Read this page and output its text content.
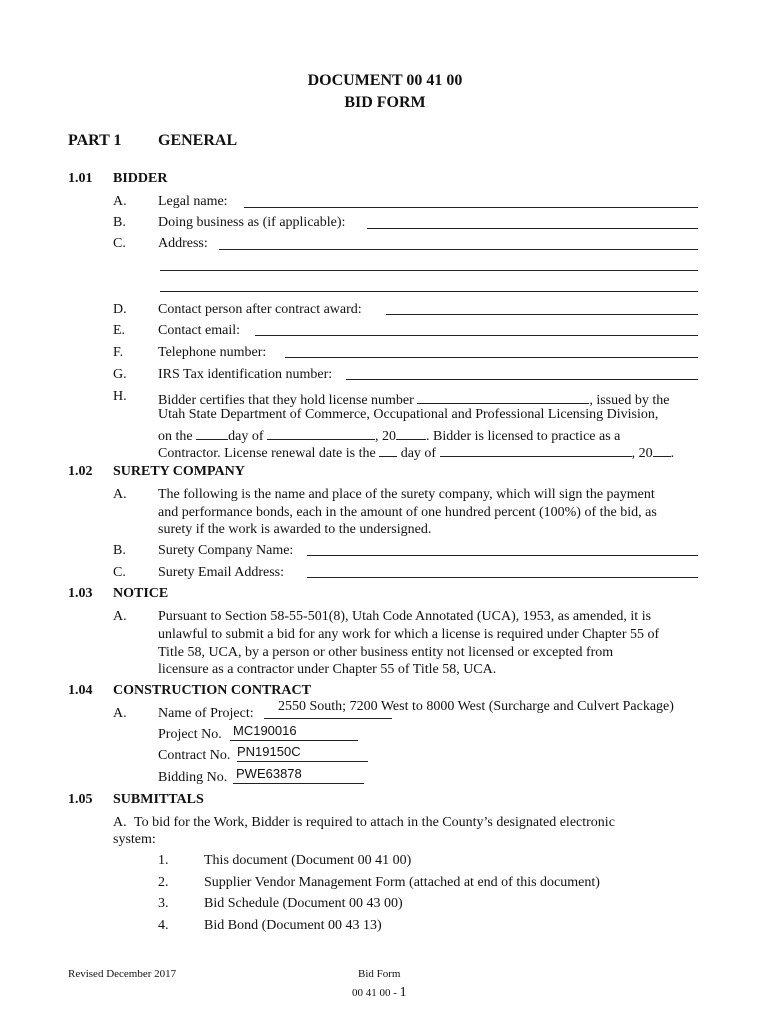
DOCUMENT 00 41 00
BID FORM
PART 1 GENERAL
1.01 BIDDER
A. Legal name:
B. Doing business as (if applicable):
C. Address:
D. Contact person after contract award:
E. Contact email:
F. Telephone number:
G. IRS Tax identification number:
H. Bidder certifies that they hold license number	, issued by the
Utah State Department of Commerce, Occupational and Professional Licensing Division,
on the	day of	, 20 . Bidder is licensed to practice as a
Contractor. License renewal date is the day of	, 20 .
1.02 SURETY COMPANY
A. The following is the name and place of the surety company, which will sign the payment
and performance bonds, each in the amount of one hundred percent (100%) of the bid, as
surety if the work is awarded to the undersigned.
B. Surety Company Name:
C. Surety Email Address:
1.03 NOTICE
A. Pursuant to Section 58-55-501(8), Utah Code Annotated (UCA), 1953, as amended, it is
unlawful to submit a bid for any work for which a license is required under Chapter 55 of
Title 58, UCA, by a person or other business entity not licensed or excepted from
licensure as a contractor under Chapter 55 of Title 58, UCA.
1.04 CONSTRUCTION CONTRACT
A. Name of Project: 2550 South; 7200 West to 8000 West (Surcharge and Culvert Package)
Project No. MC190016
Contract No. PN19150C
Bidding No. PWE63878
1.05 SUBMITTALS
A. To bid for the Work, Bidder is required to attach in the County’s designated electronic
system:
1.	This document (Document 00 41 00)
2.	Supplier Vendor Management Form (attached at end of this document)
3.	Bid Schedule (Document 00 43 00)
4.	Bid Bond (Document 00 43 13)
Revised December 2017	Bid Form
00 41 00 - 1
